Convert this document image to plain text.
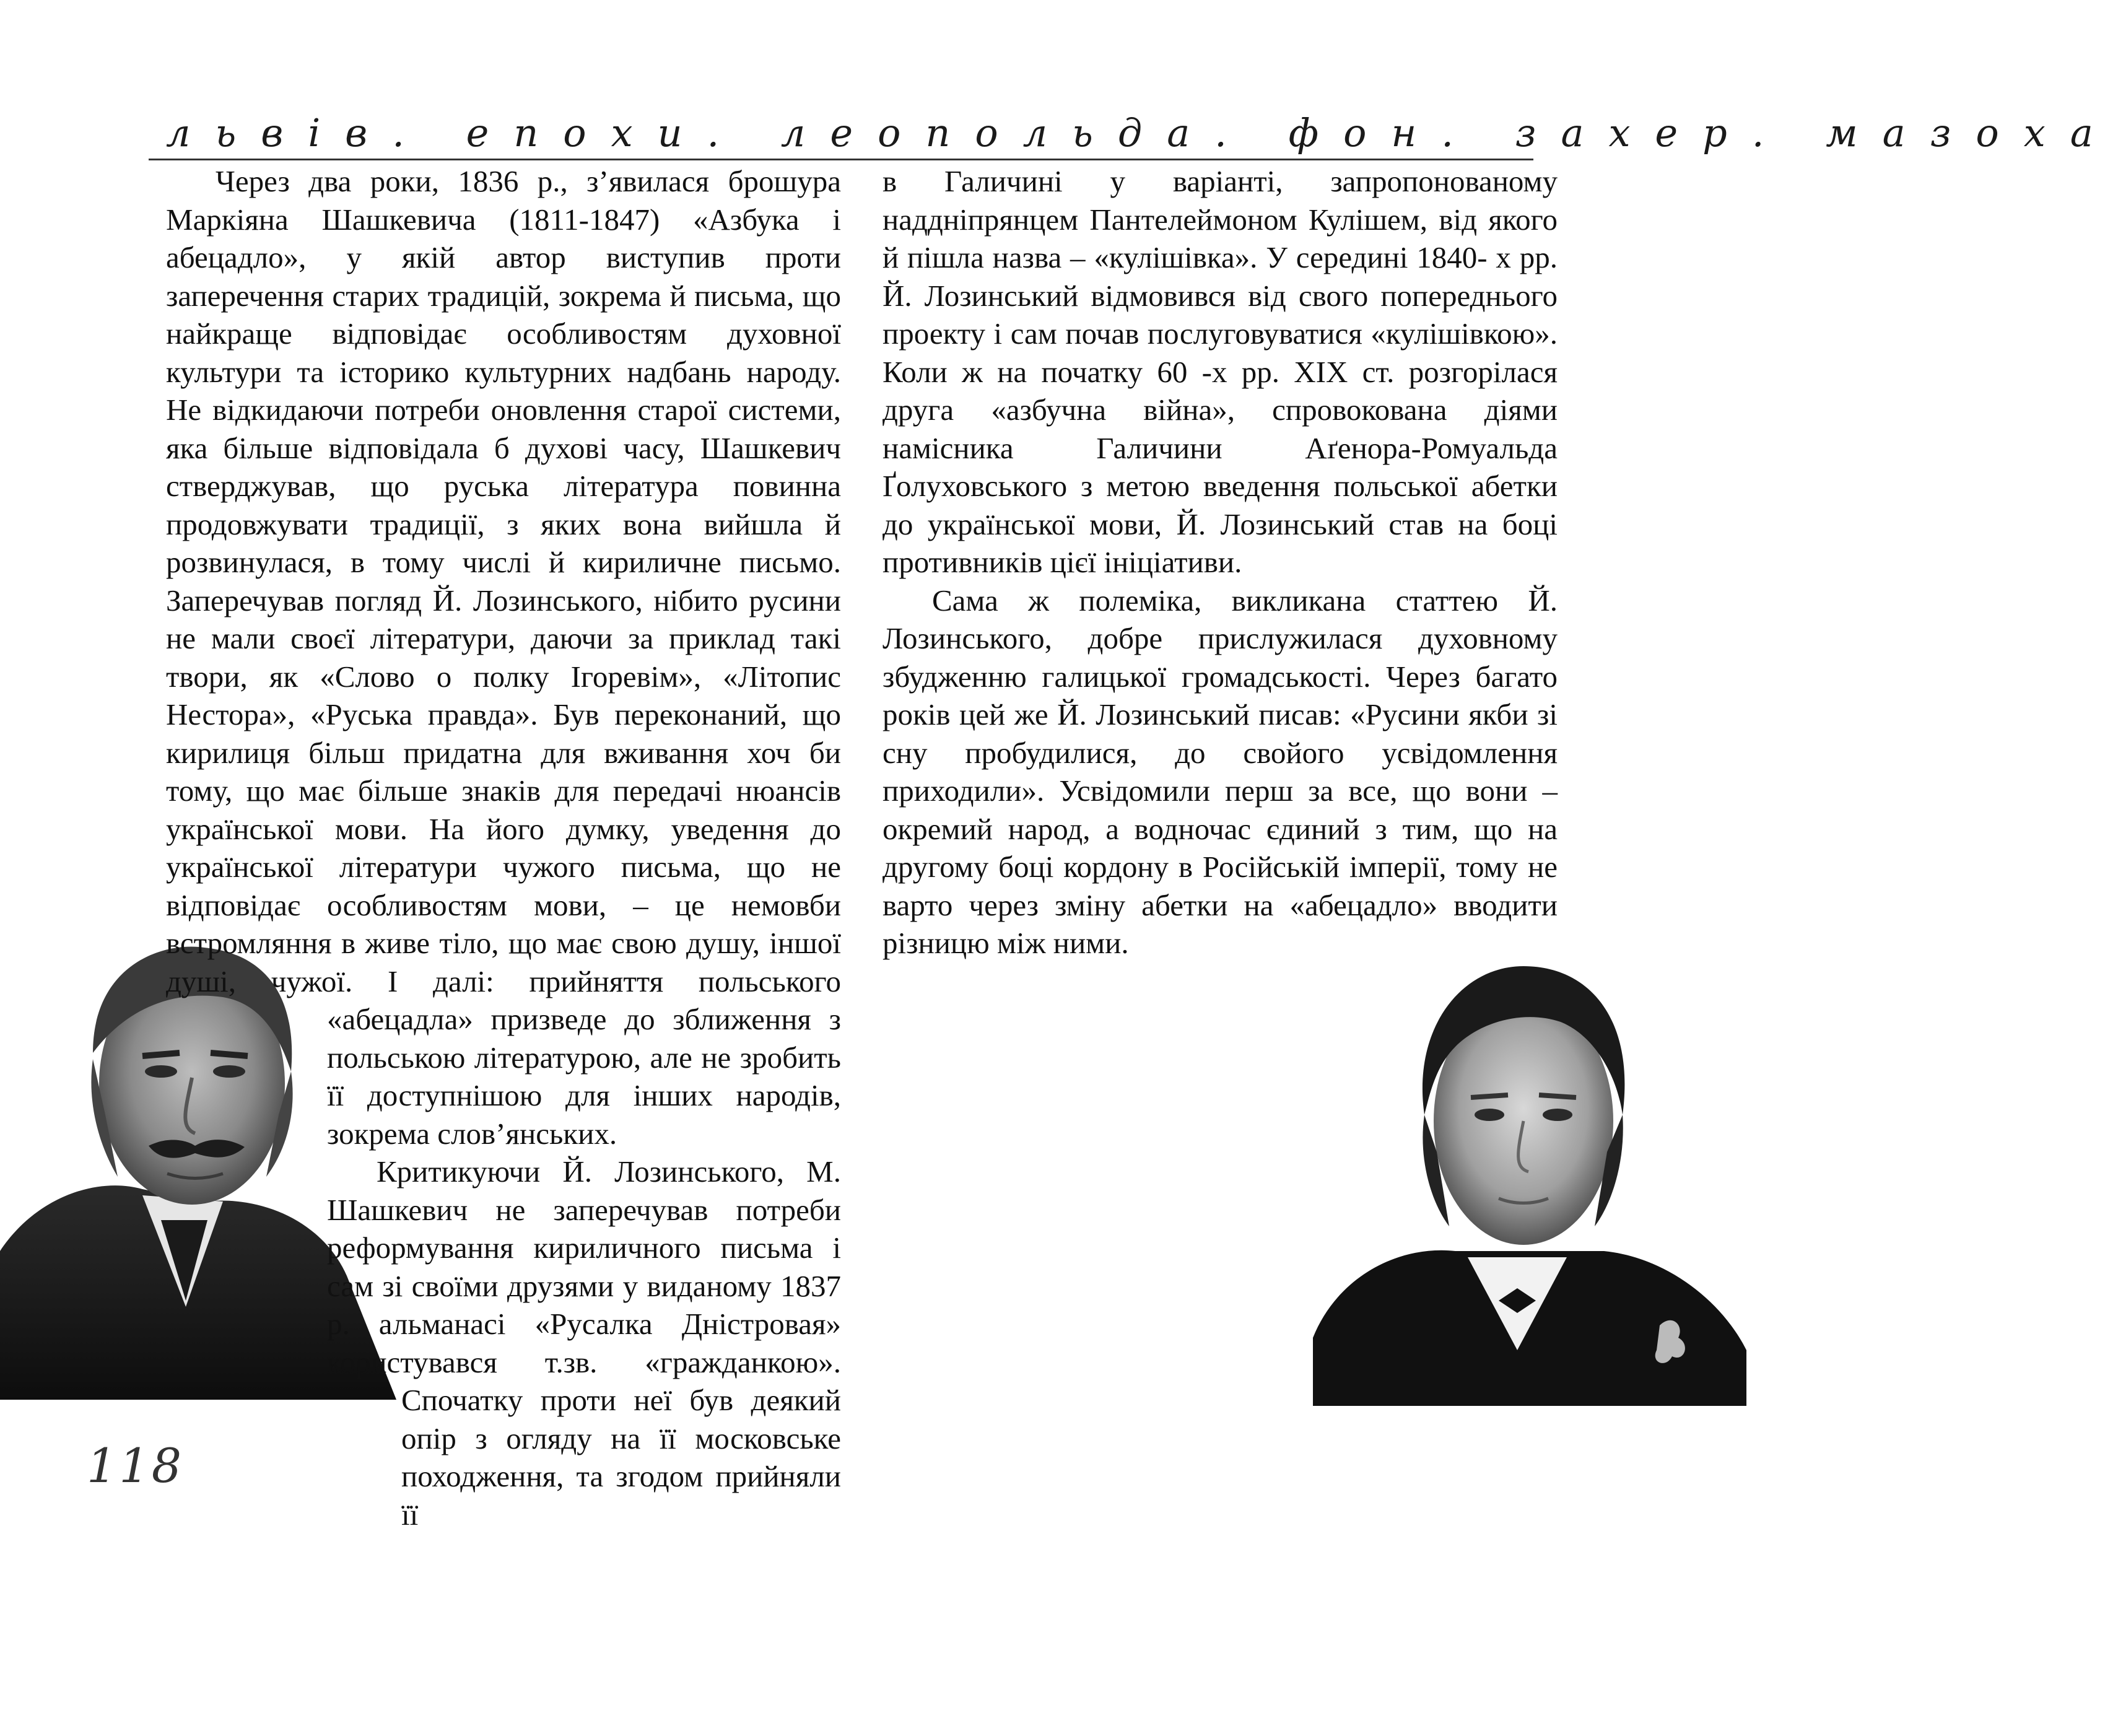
львів. епохи. леопольда. фон. захер. мазоха

Через два роки, 1836 р., з’явилася брошура Маркіяна Шашкевича (1811-1847) «Азбука і абецадло», у якій автор виступив проти заперечення старих традицій, зокрема й письма, що найкраще відповідає особливостям духовної культури та історико культурних надбань народу. Не відкидаючи потреби оновлення старої системи, яка більше відповідала б духові часу, Шашкевич стверджував, що руська література повинна продовжувати традиції, з яких вона вийшла й розвинулася, в тому числі й кириличне письмо. Заперечував погляд Й. Лозинського, нібито русини не мали своєї літератури, даючи за приклад такі твори, як «Слово о полку Ігоревім», «Літопис Нестора», «Руська правда». Був переконаний, що кирилиця більш придатна для вживання хоч би тому, що має більше знаків для передачі нюансів української мови. На його думку, уведення до української літератури чужого письма, що не відповідає особливостям мови, – це немовби встромляння в живе тіло, що має свою душу, іншої душі, чужої. І далі: прийняття польського «абецадла» призведе до зближення з польською літературою, але не зробить її доступнішою для інших народів, зокрема слов’янських.

Критикуючи Й. Лозинського, М. Шашкевич не заперечував потреби реформування кириличного письма і сам зі своїми друзями у виданому 1837 р. альманасі «Русалка Дністровая» користувався т.зв. «гражданкою». Спочатку проти неї був деякий опір з огляду на її московське походження, та згодом прийняли її

в Галичині у варіанті, запропонованому наддніпрянцем Пантелеймоном Кулішем, від якого й пішла назва – «кулішівка». У середині 1840- х рр. Й. Лозинський відмовився від свого попереднього проекту і сам почав послуговуватися «кулішівкою». Коли ж на початку 60 -х рр. XIX ст. розгорілася друга «азбучна війна», спровокована діями намісника Галичини Аґенора-Ромуальда Ґолуховського з метою введення польської абетки до української мови, Й. Лозинський став на боці противників цієї ініціативи.

Сама ж полеміка, викликана статтею Й. Лозинського, добре прислужилася духовному збудженню галицької громадськості. Через багато років цей же Й. Лозинський писав: «Русини якби зі сну пробудилися, до свойого усвідомлення приходили». Усвідомили перш за все, що вони – окремий народ, а водночас єдиний з тим, що на другому боці кордону в Російській імперії, тому не варто через зміну абетки на «абецадло» вводити різницю між ними.

118
